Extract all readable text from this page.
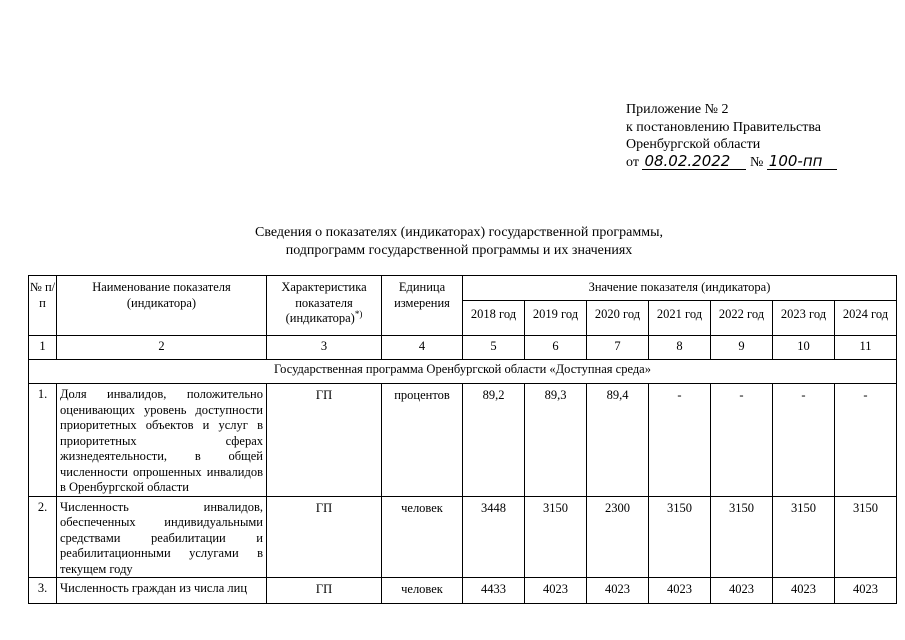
Приложение № 2
к постановлению Правительства
Оренбургской области
от 08.02.2022 № 100-пп
Сведения о показателях (индикаторах) государственной программы,
подпрограмм государственной программы и их значениях
№ п/п	Наименование показателя (индикатора)	Характеристика показателя (индикатора)*)	Единица измерения	Значение показателя (индикатора)						
				2018 год	2019 год	2020 год	2021 год	2022 год	2023 год	2024 год
1	2	3	4	5	6	7	8	9	10	11
Государственная программа Оренбургской области «Доступная среда»										
1.	Доля инвалидов, положительно оценивающих уровень доступности приоритетных объектов и услуг в приоритетных сферах жизнедеятельности, в общей численности опрошенных инвалидов в Оренбургской области	ГП	процентов	89,2	89,3	89,4	-	-	-	-
2.	Численность инвалидов, обеспеченных индивидуальными средствами реабилитации и реабилитационными услугами в текущем году	ГП	человек	3448	3150	2300	3150	3150	3150	3150
3.	Численность граждан из числа лиц	ГП	человек	4433	4023	4023	4023	4023	4023	4023
